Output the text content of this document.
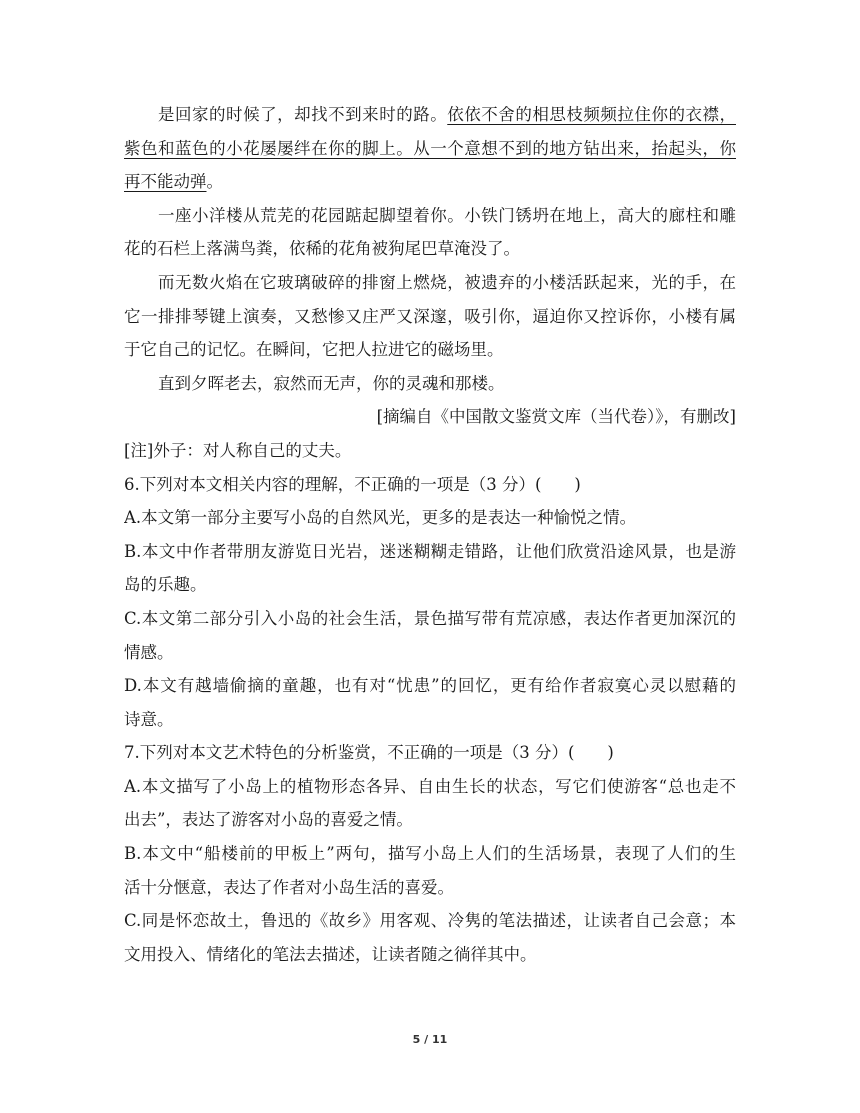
是回家的时候了，却找不到来时的路。依依不舍的相思枝频频拉住你的衣襟，
紫色和蓝色的小花屡屡绊在你的脚上。从一个意想不到的地方钻出来，抬起头，你
再不能动弹。
一座小洋楼从荒芜的花园踮起脚望着你。小铁门锈坍在地上，高大的廊柱和雕
花的石栏上落满鸟粪，依稀的花角被狗尾巴草淹没了。
而无数火焰在它玻璃破碎的排窗上燃烧，被遗弃的小楼活跃起来，光的手，在
它一排排琴键上演奏，又愁惨又庄严又深邃，吸引你，逼迫你又控诉你，小楼有属
于它自己的记忆。在瞬间，它把人拉进它的磁场里。
直到夕晖老去，寂然而无声，你的灵魂和那楼。
[摘编自《中国散文鉴赏文库（当代卷）》，有删改]
[注]外子：对人称自己的丈夫。
6.下列对本文相关内容的理解，不正确的一项是（3 分）(　　)
A.本文第一部分主要写小岛的自然风光，更多的是表达一种愉悦之情。
B.本文中作者带朋友游览日光岩，迷迷糊糊走错路，让他们欣赏沿途风景，也是游
岛的乐趣。
C.本文第二部分引入小岛的社会生活，景色描写带有荒凉感，表达作者更加深沉的
情感。
D.本文有越墙偷摘的童趣，也有对“忧患”的回忆，更有给作者寂寞心灵以慰藉的
诗意。
7.下列对本文艺术特色的分析鉴赏，不正确的一项是（3 分）(　　)
A.本文描写了小岛上的植物形态各异、自由生长的状态，写它们使游客“总也走不
出去”，表达了游客对小岛的喜爱之情。
B.本文中“船楼前的甲板上”两句，描写小岛上人们的生活场景，表现了人们的生
活十分惬意，表达了作者对小岛生活的喜爱。
C.同是怀恋故土，鲁迅的《故乡》用客观、冷隽的笔法描述，让读者自己会意；本
文用投入、情绪化的笔法去描述，让读者随之徜徉其中。
5 / 11
